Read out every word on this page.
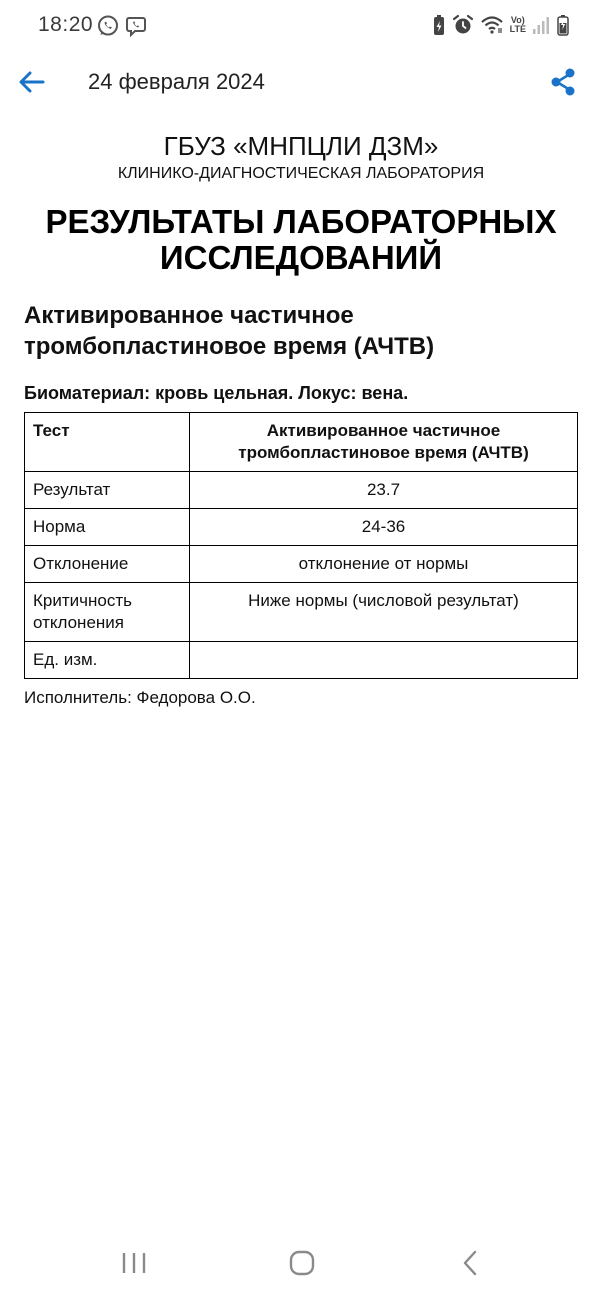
18:20	Vo)
LTE
24 февраля 2024
ГБУЗ «МНПЦЛИ ДЗМ»
КЛИНИКО-ДИАГНОСТИЧЕСКАЯ ЛАБОРАТОРИЯ
РЕЗУЛЬТАТЫ ЛАБОРАТОРНЫХ ИССЛЕДОВАНИЙ
Активированное частичное тромбопластиновое время (АЧТВ)
Биоматериал: кровь цельная. Локус: вена.
Тест	Активированное частичное тромбопластиновое время (АЧТВ)
Результат	23.7
Норма	24-36
Отклонение	отклонение от нормы
Критичность отклонения	Ниже нормы (числовой результат)
Ед. изм.	
Исполнитель: Федорова О.О.
